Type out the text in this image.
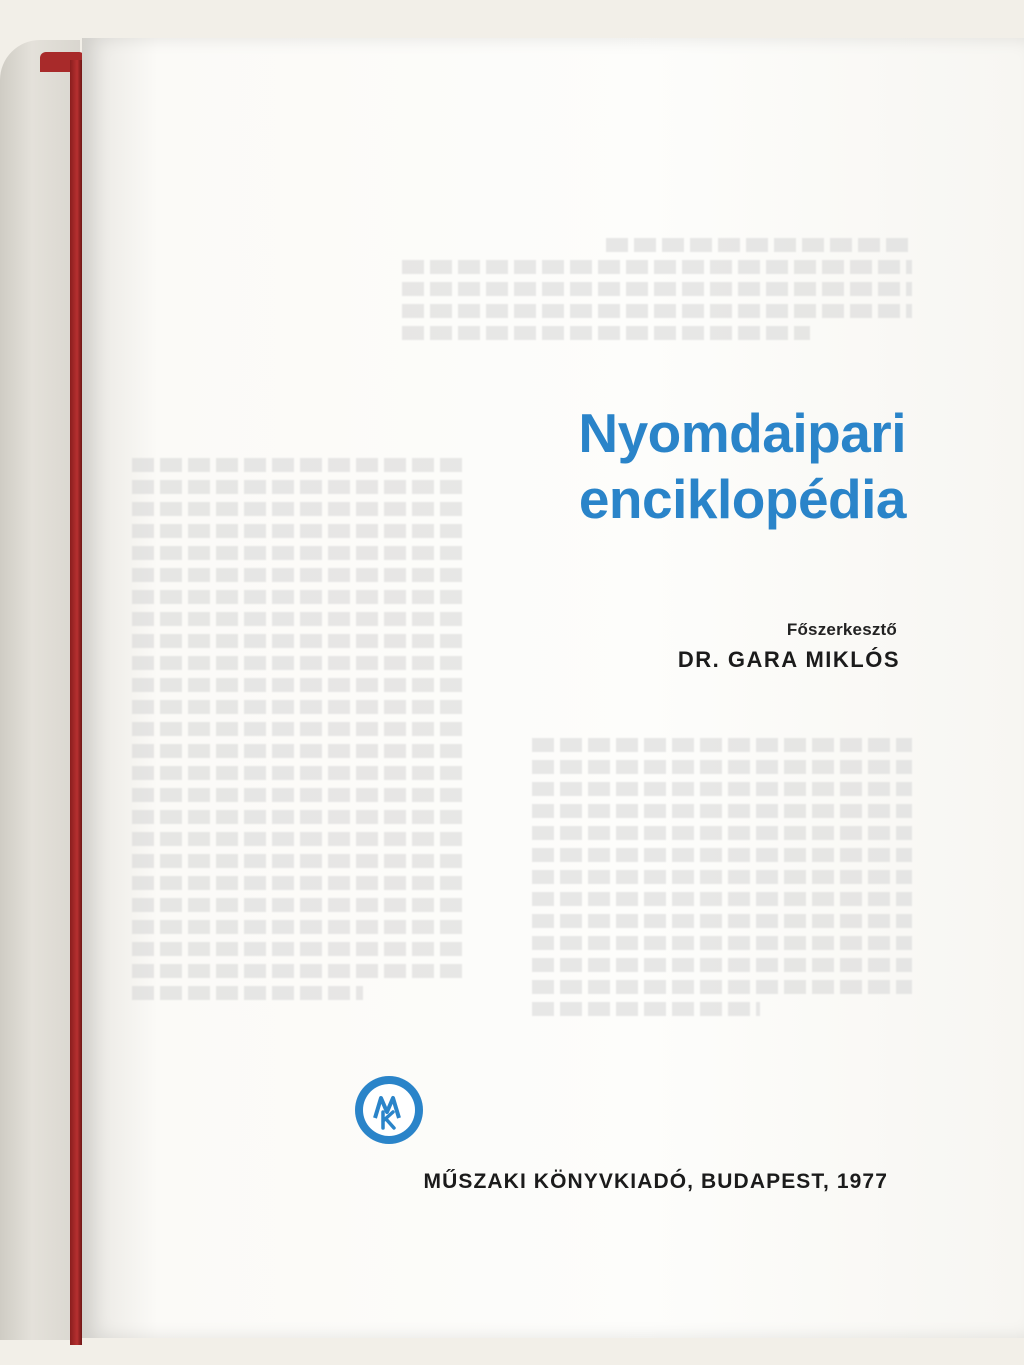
Nyomdaipari
enciklopédia
Főszerkesztő
DR. GARA MIKLÓS
MŰSZAKI KÖNYVKIADÓ, BUDAPEST, 1977
